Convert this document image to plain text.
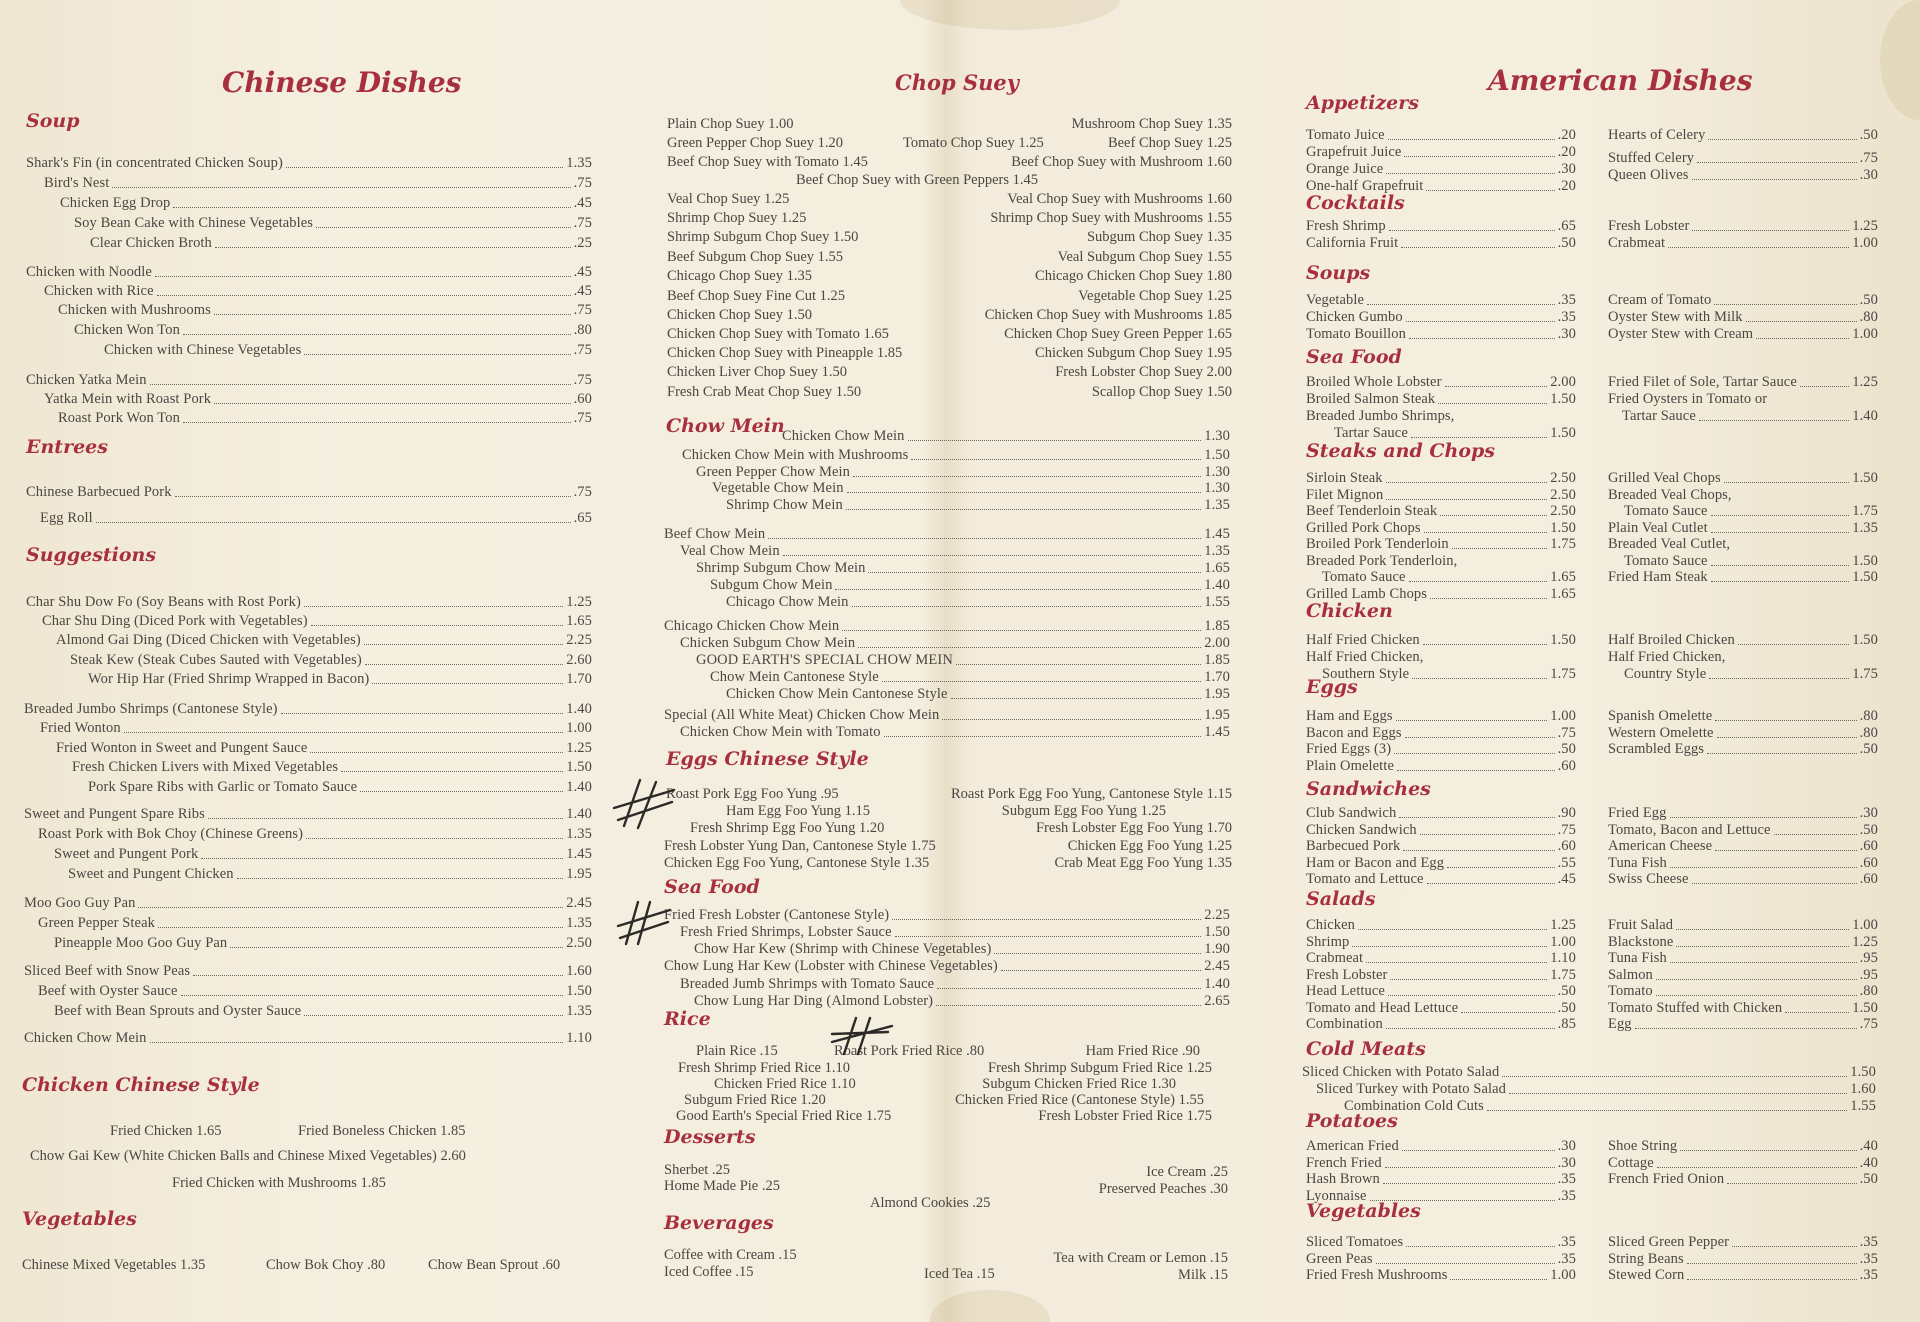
Chinese Dishes
Soup
Shark's Fin (in concentrated Chicken Soup)	1.35
Bird's Nest	.75
Chicken Egg Drop	.45
Soy Bean Cake with Chinese Vegetables	.75
Clear Chicken Broth	.25
Chicken with Noodle	.45
Chicken with Rice	.45
Chicken with Mushrooms	.75
Chicken Won Ton	.80
Chicken with Chinese Vegetables	.75
Chicken Yatka Mein	.75
Yatka Mein with Roast Pork	.60
Roast Pork Won Ton	.75
Entrees
Chinese Barbecued Pork	.75
Egg Roll	.65
Suggestions
Char Shu Dow Fo (Soy Beans with Rost Pork)	1.25
Char Shu Ding (Diced Pork with Vegetables)	1.65
Almond Gai Ding (Diced Chicken with Vegetables)	2.25
Steak Kew (Steak Cubes Sauted with Vegetables)	2.60
Wor Hip Har (Fried Shrimp Wrapped in Bacon)	1.70
Breaded Jumbo Shrimps (Cantonese Style)	1.40
Fried Wonton	1.00
Fried Wonton in Sweet and Pungent Sauce	1.25
Fresh Chicken Livers with Mixed Vegetables	1.50
Pork Spare Ribs with Garlic or Tomato Sauce	1.40
Sweet and Pungent Spare Ribs	1.40
Roast Pork with Bok Choy (Chinese Greens)	1.35
Sweet and Pungent Pork	1.45
Sweet and Pungent Chicken	1.95
Moo Goo Guy Pan	2.45
Green Pepper Steak	1.35
Pineapple Moo Goo Guy Pan	2.50
Sliced Beef with Snow Peas	1.60
Beef with Oyster Sauce	1.50
Beef with Bean Sprouts and Oyster Sauce	1.35
Chicken Chow Mein	1.10
Chicken Chinese Style
Fried Chicken 1.65	Fried Boneless Chicken 1.85
Chow Gai Kew (White Chicken Balls and Chinese Mixed Vegetables) 2.60
Fried Chicken with Mushrooms 1.85
Vegetables
Chinese Mixed Vegetables 1.35	Chow Bok Choy .80	Chow Bean Sprout .60
Chop Suey
Plain Chop Suey 1.00	Mushroom Chop Suey 1.35
Green Pepper Chop Suey 1.20	Tomato Chop Suey 1.25	Beef Chop Suey 1.25
Beef Chop Suey with Tomato 1.45	Beef Chop Suey with Mushroom 1.60
Beef Chop Suey with Green Peppers 1.45
Veal Chop Suey 1.25	Veal Chop Suey with Mushrooms 1.60
Shrimp Chop Suey 1.25	Shrimp Chop Suey with Mushrooms 1.55
Shrimp Subgum Chop Suey 1.50	Subgum Chop Suey 1.35
Beef Subgum Chop Suey 1.55	Veal Subgum Chop Suey 1.55
Chicago Chop Suey 1.35	Chicago Chicken Chop Suey 1.80
Beef Chop Suey Fine Cut 1.25	Vegetable Chop Suey 1.25
Chicken Chop Suey 1.50	Chicken Chop Suey with Mushrooms 1.85
Chicken Chop Suey with Tomato 1.65	Chicken Chop Suey Green Pepper 1.65
Chicken Chop Suey with Pineapple 1.85	Chicken Subgum Chop Suey 1.95
Chicken Liver Chop Suey 1.50	Fresh Lobster Chop Suey 2.00
Fresh Crab Meat Chop Suey 1.50	Scallop Chop Suey 1.50
Chow Mein
Chicken Chow Mein	1.30
Chicken Chow Mein with Mushrooms	1.50
Green Pepper Chow Mein	1.30
Vegetable Chow Mein	1.30
Shrimp Chow Mein	1.35
Beef Chow Mein	1.45
Veal Chow Mein	1.35
Shrimp Subgum Chow Mein	1.65
Subgum Chow Mein	1.40
Chicago Chow Mein	1.55
Chicago Chicken Chow Mein	1.85
Chicken Subgum Chow Mein	2.00
GOOD EARTH'S SPECIAL CHOW MEIN	1.85
Chow Mein Cantonese Style	1.70
Chicken Chow Mein Cantonese Style	1.95
Special (All White Meat) Chicken Chow Mein	1.95
Chicken Chow Mein with Tomato	1.45
Eggs Chinese Style
Roast Pork Egg Foo Yung .95	Roast Pork Egg Foo Yung, Cantonese Style 1.15
Ham Egg Foo Yung 1.15	Subgum Egg Foo Yung 1.25
Fresh Shrimp Egg Foo Yung 1.20	Fresh Lobster Egg Foo Yung 1.70
Fresh Lobster Yung Dan, Cantonese Style 1.75	Chicken Egg Foo Yung 1.25
Chicken Egg Foo Yung, Cantonese Style 1.35	Crab Meat Egg Foo Yung 1.35
Sea Food
Fried Fresh Lobster (Cantonese Style)	2.25
Fresh Fried Shrimps, Lobster Sauce	1.50
Chow Har Kew (Shrimp with Chinese Vegetables)	1.90
Chow Lung Har Kew (Lobster with Chinese Vegetables)	2.45
Breaded Jumb Shrimps with Tomato Sauce	1.40
Chow Lung Har Ding (Almond Lobster)	2.65
Rice
Plain Rice .15	Roast Pork Fried Rice .80	Ham Fried Rice .90
Fresh Shrimp Fried Rice 1.10	Fresh Shrimp Subgum Fried Rice 1.25
Chicken Fried Rice 1.10	Subgum Chicken Fried Rice 1.30
Subgum Fried Rice 1.20	Chicken Fried Rice (Cantonese Style) 1.55
Good Earth's Special Fried Rice 1.75	Fresh Lobster Fried Rice 1.75
Desserts
Sherbet .25	Ice Cream .25
Home Made Pie .25	Preserved Peaches .30
Almond Cookies .25
Beverages
Coffee with Cream .15	Tea with Cream or Lemon .15
Iced Coffee .15	Iced Tea .15	Milk .15
American Dishes
Appetizers
Tomato Juice	.20
Grapefruit Juice	.20
Orange Juice	.30
One-half Grapefruit	.20
Hearts of Celery	.50
Stuffed Celery	.75
Queen Olives	.30
Cocktails
Fresh Shrimp	.65
California Fruit	.50
Fresh Lobster	1.25
Crabmeat	1.00
Soups
Vegetable	.35
Chicken Gumbo	.35
Tomato Bouillon	.30
Cream of Tomato	.50
Oyster Stew with Milk	.80
Oyster Stew with Cream	1.00
Sea Food
Broiled Whole Lobster	2.00
Broiled Salmon Steak	1.50
Breaded Jumbo Shrimps,
Tartar Sauce	1.50
Fried Filet of Sole, Tartar Sauce	1.25
Fried Oysters in Tomato or
Tartar Sauce	1.40
Steaks and Chops
Sirloin Steak	2.50
Filet Mignon	2.50
Beef Tenderloin Steak	2.50
Grilled Pork Chops	1.50
Broiled Pork Tenderloin	1.75
Breaded Pork Tenderloin,
Tomato Sauce	1.65
Grilled Lamb Chops	1.65
Grilled Veal Chops	1.50
Breaded Veal Chops,
Tomato Sauce	1.75
Plain Veal Cutlet	1.35
Breaded Veal Cutlet,
Tomato Sauce	1.50
Fried Ham Steak	1.50
Chicken
Half Fried Chicken	1.50
Half Fried Chicken,
Southern Style	1.75
Half Broiled Chicken	1.50
Half Fried Chicken,
Country Style	1.75
Eggs
Ham and Eggs	1.00
Bacon and Eggs	.75
Fried Eggs (3)	.50
Plain Omelette	.60
Spanish Omelette	.80
Western Omelette	.80
Scrambled Eggs	.50
Sandwiches
Club Sandwich	.90
Chicken Sandwich	.75
Barbecued Pork	.60
Ham or Bacon and Egg	.55
Tomato and Lettuce	.45
Fried Egg	.30
Tomato, Bacon and Lettuce	.50
American Cheese	.60
Tuna Fish	.60
Swiss Cheese	.60
Salads
Chicken	1.25
Shrimp	1.00
Crabmeat	1.10
Fresh Lobster	1.75
Head Lettuce	.50
Tomato and Head Lettuce	.50
Combination	.85
Fruit Salad	1.00
Blackstone	1.25
Tuna Fish	.95
Salmon	.95
Tomato	.80
Tomato Stuffed with Chicken	1.50
Egg	.75
Potatoes
American Fried	.30
French Fried	.30
Hash Brown	.35
Lyonnaise	.35
Shoe String	.40
Cottage	.40
French Fried Onion	.50
Vegetables
Sliced Tomatoes	.35
Green Peas	.35
Fried Fresh Mushrooms	1.00
Sliced Green Pepper	.35
String Beans	.35
Stewed Corn	.35
Cold Meats
Sliced Chicken with Potato Salad	1.50
Sliced Turkey with Potato Salad	1.60
Combination Cold Cuts	1.55
